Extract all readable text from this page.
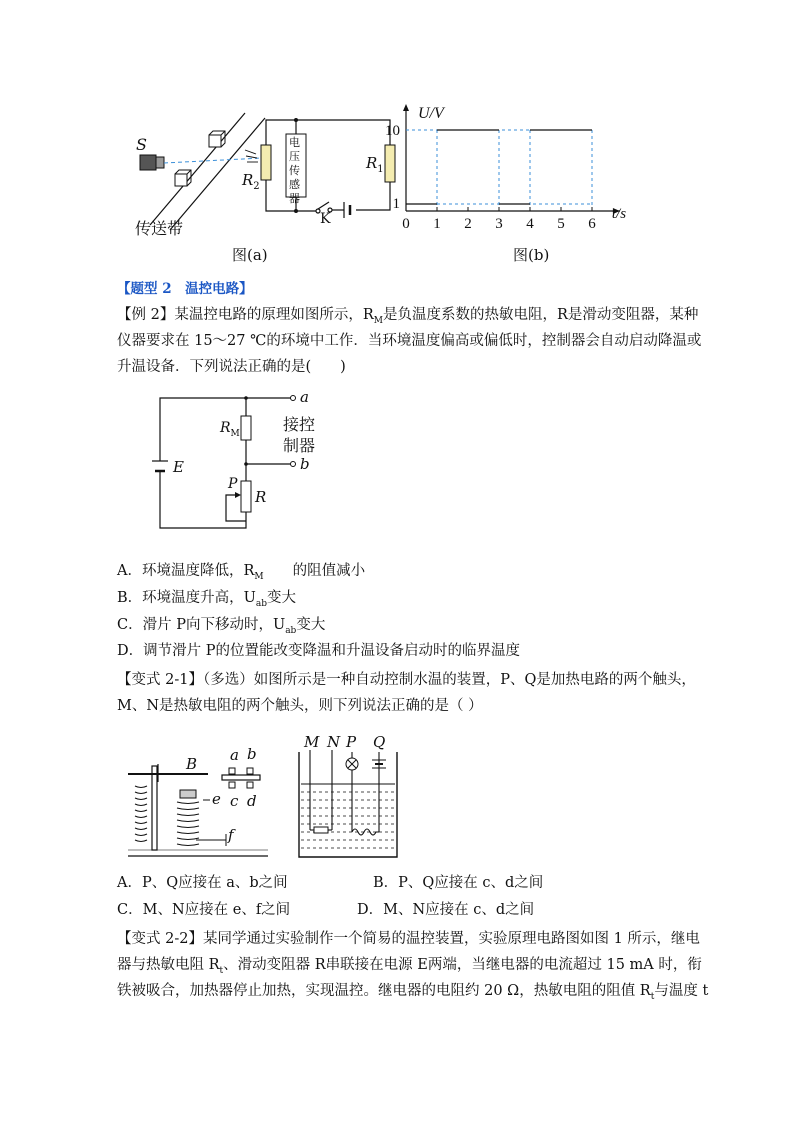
S
传送带
电压传感器
$R_2$
$R_1$
K
图(a)
0 1 2 3 4 5 6
10
1
U/V
t/s
图(b)
【题型 2　温控电路】
【例 2】某温控电路的原理如图所示，$R_M$是负温度系数的热敏电阻，R是滑动变阻器，某种
仪器要求在 15～27 ℃的环境中工作．当环境温度偏高或偏低时，控制器会自动启动降温或
升温设备．下列说法正确的是(　　)
a
b
$R_M$
E
P
R
接控
制器
A．环境温度降低，$R_M$　　的阻值减小
B．环境温度升高，$U_{ab}$变大
C．滑片 P向下移动时，$U_{ab}$变大
D．调节滑片 P的位置能改变降温和升温设备启动时的临界温度
【变式 2-1】（多选）如图所示是一种自动控制水温的装置，P、Q是加热电路的两个触头，
M、N是热敏电阻的两个触头，则下列说法正确的是（ ）
B a b
c d
e
f
M N P Q
A．P、Q应接在 a、b之间	B．P、Q应接在 c、d之间
C．M、N应接在 e、f之间	D．M、N应接在 c、d之间
【变式 2-2】某同学通过实验制作一个简易的温控装置，实验原理电路图如图 1 所示，继电
器与热敏电阻 $R_t$、滑动变阻器 R串联接在电源 E两端，当继电器的电流超过 15 mA 时，衔
铁被吸合，加热器停止加热，实现温控。继电器的电阻约 20 Ω，热敏电阻的阻值 $R_t$与温度 t
